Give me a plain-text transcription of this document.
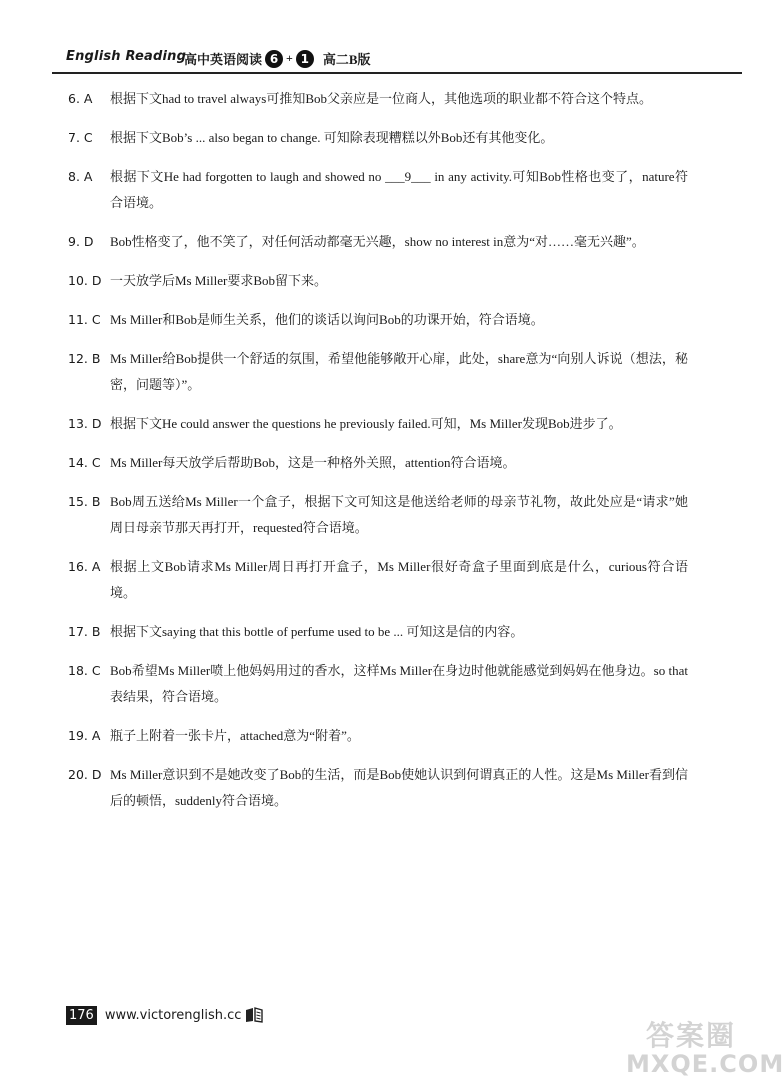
English Reading
高中英语阅读 6 + 1	高二B版
6. A	根据下文had to travel always可推知Bob父亲应是一位商人，其他选项的职业都不符合这个特点。
7. C	根据下文Bob’s ... also began to change. 可知除表现糟糕以外Bob还有其他变化。
8. A	根据下文He had forgotten to laugh and showed no ___9___ in any activity.可知Bob性格也变了，nature符合语境。
9. D	Bob性格变了，他不笑了，对任何活动都毫无兴趣，show no interest in意为“对……毫无兴趣”。
10. D 一天放学后Ms Miller要求Bob留下来。
11. C Ms Miller和Bob是师生关系，他们的谈话以询问Bob的功课开始，符合语境。
12. B Ms Miller给Bob提供一个舒适的氛围，希望他能够敞开心扉，此处，share意为“向别人诉说（想法，秘密，问题等）”。
13. D 根据下文He could answer the questions he previously failed.可知，Ms Miller发现Bob进步了。
14. C Ms Miller每天放学后帮助Bob，这是一种格外关照，attention符合语境。
15. B Bob周五送给Ms Miller一个盒子，根据下文可知这是他送给老师的母亲节礼物，故此处应是“请求”她周日母亲节那天再打开，requested符合语境。
16. A 根据上文Bob请求Ms Miller周日再打开盒子，Ms Miller很好奇盒子里面到底是什么，curious符合语境。
17. B 根据下文saying that this bottle of perfume used to be ... 可知这是信的内容。
18. C Bob希望Ms Miller喷上他妈妈用过的香水，这样Ms Miller在身边时他就能感觉到妈妈在他身边。so that表结果，符合语境。
19. A 瓶子上附着一张卡片，attached意为“附着”。
20. D Ms Miller意识到不是她改变了Bob的生活，而是Bob使她认识到何谓真正的人性。这是Ms Miller看到信后的顿悟，suddenly符合语境。
176 www.victorenglish.cc
答案圈
MXQE.COM
